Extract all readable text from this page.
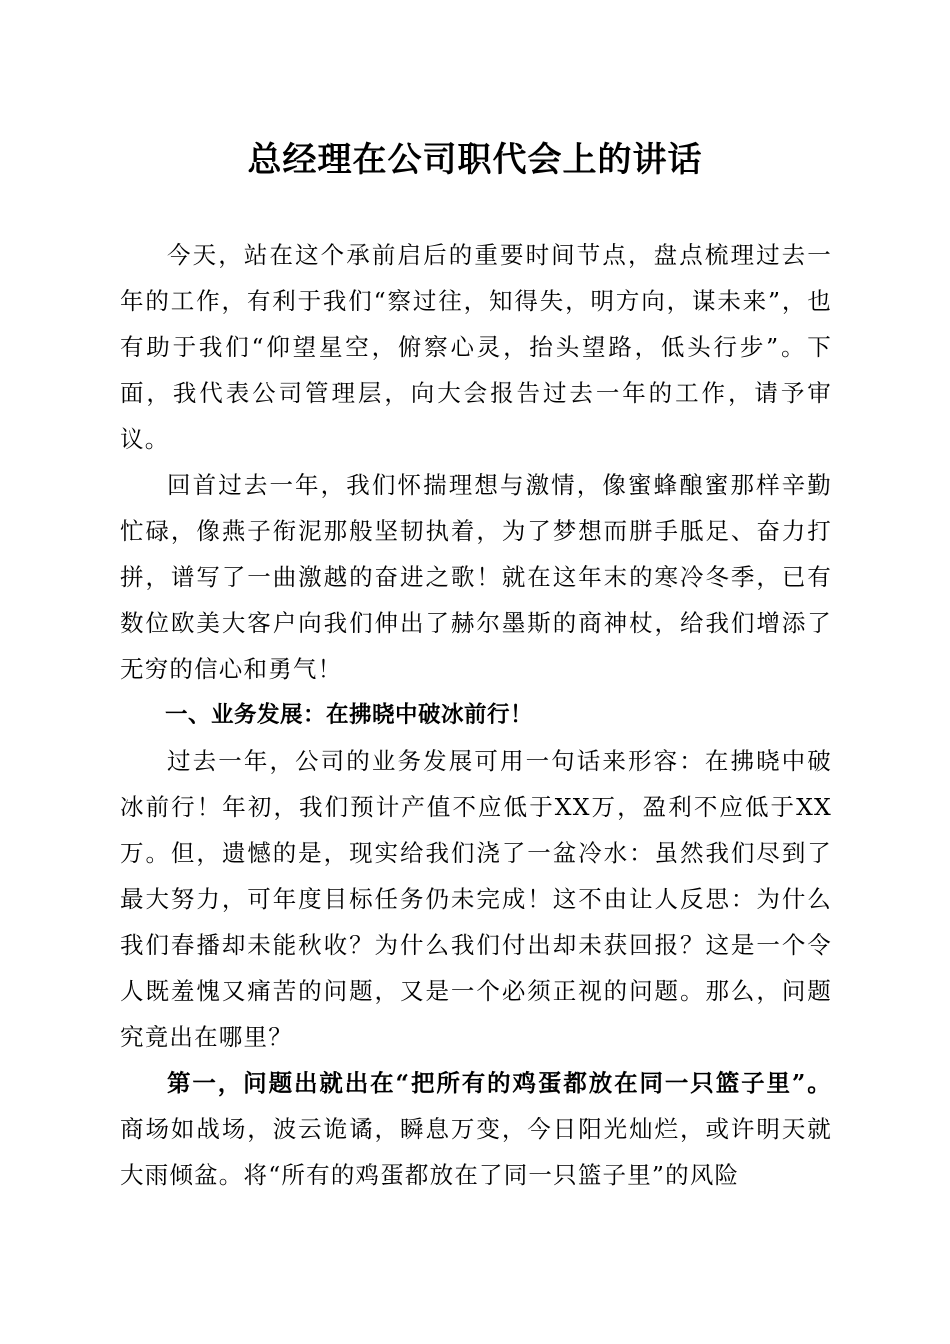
总经理在公司职代会上的讲话

今天，站在这个承前启后的重要时间节点，盘点梳理过去一年的工作，有利于我们“察过往，知得失，明方向，谋未来”，也有助于我们“仰望星空，俯察心灵，抬头望路，低头行步”。下面，我代表公司管理层，向大会报告过去一年的工作，请予审议。

回首过去一年，我们怀揣理想与激情，像蜜蜂酿蜜那样辛勤忙碌，像燕子衔泥那般坚韧执着，为了梦想而胼手胝足、奋力打拼，谱写了一曲激越的奋进之歌！就在这年末的寒冷冬季，已有数位欧美大客户向我们伸出了赫尔墨斯的商神杖，给我们增添了无穷的信心和勇气！

一、业务发展：在拂晓中破冰前行！

过去一年，公司的业务发展可用一句话来形容：在拂晓中破冰前行！年初，我们预计产值不应低于XX万，盈利不应低于XX万。但，遗憾的是，现实给我们浇了一盆冷水：虽然我们尽到了最大努力，可年度目标任务仍未完成！这不由让人反思：为什么我们春播却未能秋收？为什么我们付出却未获回报？这是一个令人既羞愧又痛苦的问题，又是一个必须正视的问题。那么，问题究竟出在哪里？

第一，问题出就出在“把所有的鸡蛋都放在同一只篮子里”。商场如战场，波云诡谲，瞬息万变，今日阳光灿烂，或许明天就大雨倾盆。将“所有的鸡蛋都放在了同一只篮子里”的风险
